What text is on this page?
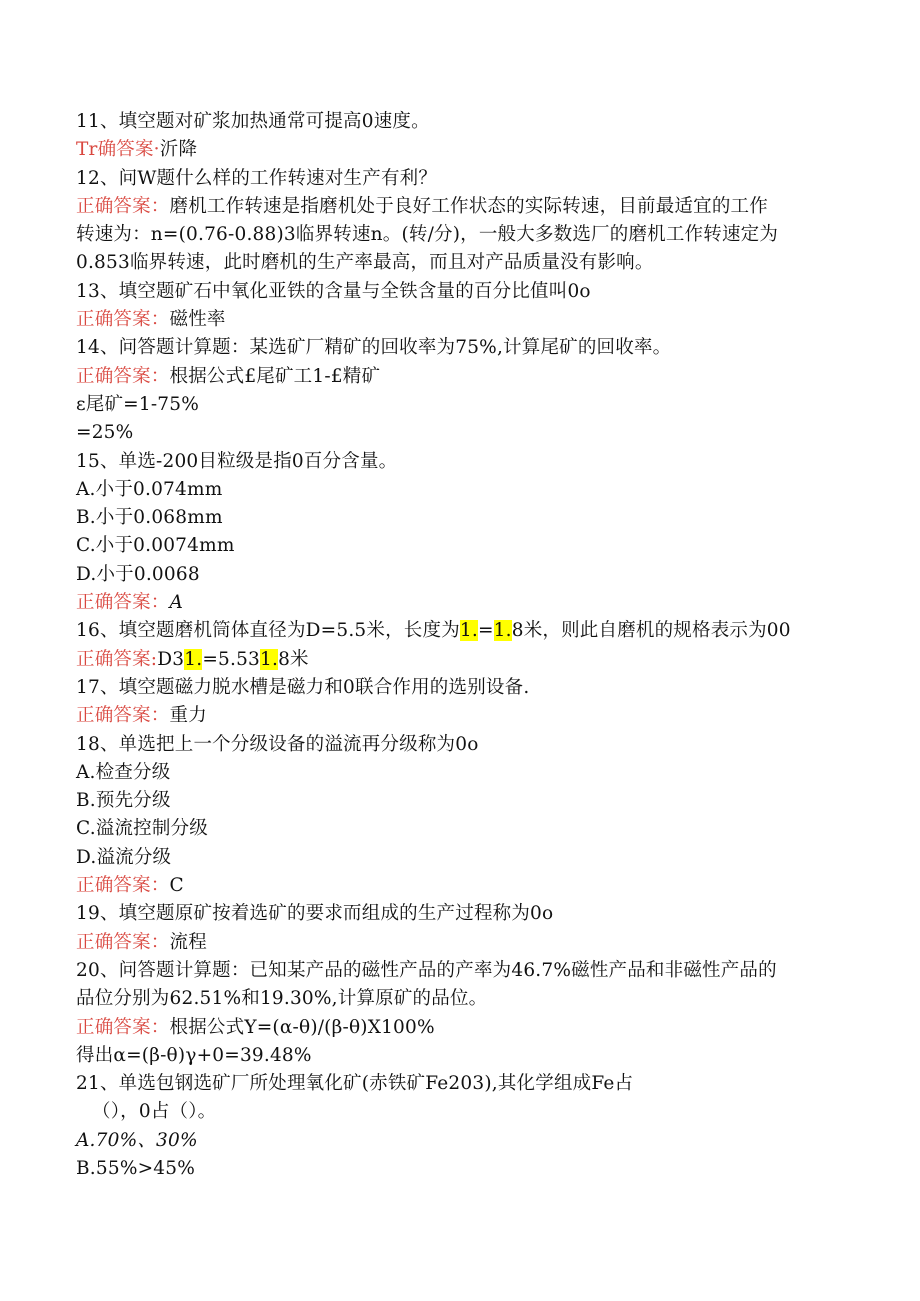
11、填空题对矿浆加热通常可提高0速度。
Tr确答案·沂降
12、问W题什么样的工作转速对生产有利？
正确答案：磨机工作转速是指磨机处于良好工作状态的实际转速，目前最适宜的工作
转速为：n=(0.76-0.88)3临界转速n。(转/分)，一般大多数选厂的磨机工作转速定为
0.853临界转速，此时磨机的生产率最高，而且对产品质量没有影响。
13、填空题矿石中氧化亚铁的含量与全铁含量的百分比值叫0o
正确答案：磁性率
14、问答题计算题：某选矿厂精矿的回收率为75%,计算尾矿的回收率。
正确答案：根据公式£尾矿工1-£精矿
ε尾矿=1-75%
=25%
15、单选-200目粒级是指0百分含量。
A.小于0.074mm
B.小于0.068mm
C.小于0.0074mm
D.小于0.0068
正确答案：A
16、填空题磨机筒体直径为D=5.5米，长度为1.=1.8米，则此自磨机的规格表示为00
正确答案:D31.=5.531.8米
17、填空题磁力脱水槽是磁力和0联合作用的选别设备.
正确答案：重力
18、单选把上一个分级设备的溢流再分级称为0o
A.检查分级
B.预先分级
C.溢流控制分级
D.溢流分级
正确答案：C
19、填空题原矿按着选矿的要求而组成的生产过程称为0o
正确答案：流程
20、问答题计算题：已知某产品的磁性产品的产率为46.7%磁性产品和非磁性产品的
品位分别为62.51%和19.30%,计算原矿的品位。
正确答案：根据公式Y=(α-θ)/(β-θ)X100%
得出α=(β-θ)γ+0=39.48%
21、单选包钢选矿厂所处理氧化矿(赤铁矿Fe203),其化学组成Fe占
（），0占（）。
A.70%、30%
B.55%>45%
